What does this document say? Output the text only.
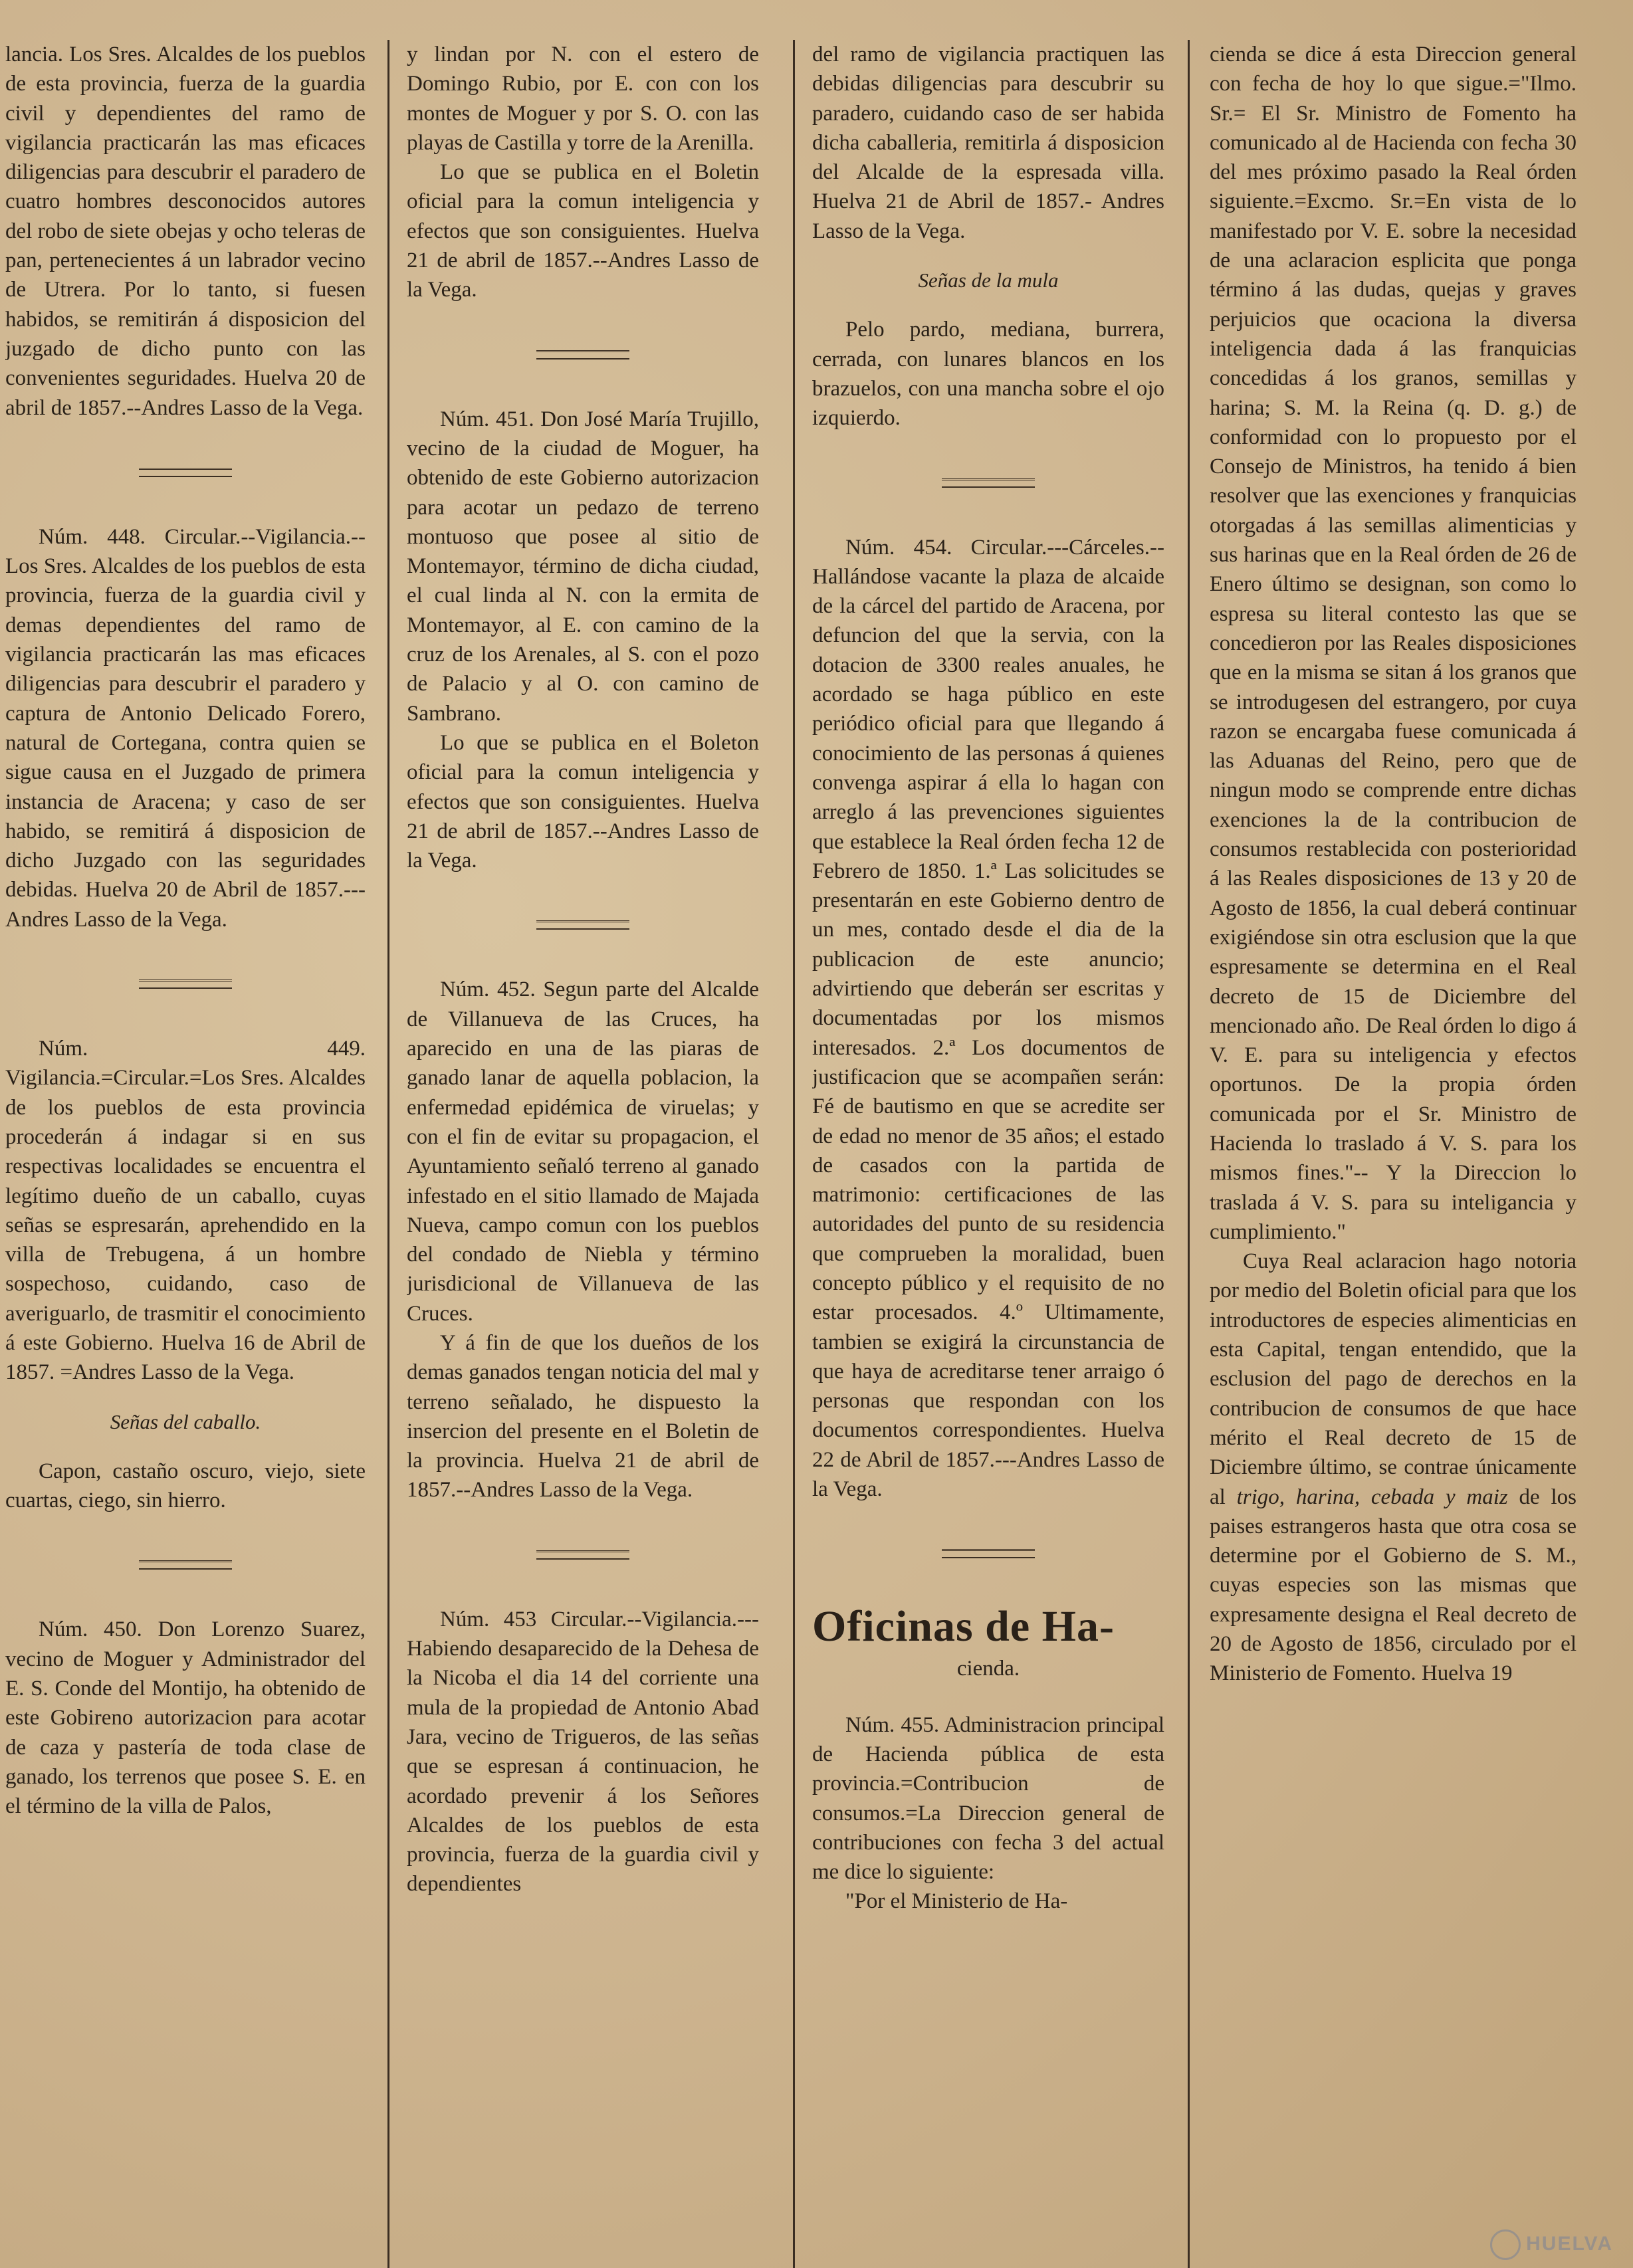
lancia. Los Sres. Alcaldes de los pueblos de esta provincia, fuerza de la guardia civil y dependientes del ramo de vigilancia practicarán las mas eficaces diligencias para descubrir el paradero de cuatro hombres desconocidos autores del robo de siete obejas y ocho teleras de pan, pertenecientes á un labrador vecino de Utrera. Por lo tanto, si fuesen habidos, se remitirán á disposicion del juzgado de dicho punto con las convenientes seguridades. Huelva 20 de abril de 1857.--Andres Lasso de la Vega.

Núm. 448. Circular.--Vigilancia.--Los Sres. Alcaldes de los pueblos de esta provincia, fuerza de la guardia civil y demas dependientes del ramo de vigilancia practicarán las mas eficaces diligencias para descubrir el paradero y captura de Antonio Delicado Forero, natural de Cortegana, contra quien se sigue causa en el Juzgado de primera instancia de Aracena; y caso de ser habido, se remitirá á disposicion de dicho Juzgado con las seguridades debidas. Huelva 20 de Abril de 1857.---Andres Lasso de la Vega.

Núm. 449. Vigilancia.=Circular.=Los Sres. Alcaldes de los pueblos de esta provincia procederán á indagar si en sus respectivas localidades se encuentra el legítimo dueño de un caballo, cuyas señas se espresarán, aprehendido en la villa de Trebugena, á un hombre sospechoso, cuidando, caso de averiguarlo, de trasmitir el conocimiento á este Gobierno. Huelva 16 de Abril de 1857. =Andres Lasso de la Vega.

Señas del caballo.

Capon, castaño oscuro, viejo, siete cuartas, ciego, sin hierro.

Núm. 450. Don Lorenzo Suarez, vecino de Moguer y Administrador del E. S. Conde del Montijo, ha obtenido de este Gobireno autorizacion para acotar de caza y pastería de toda clase de ganado, los terrenos que posee S. E. en el término de la villa de Palos,

y lindan por N. con el estero de Domingo Rubio, por E. con con los montes de Moguer y por S. O. con las playas de Castilla y torre de la Arenilla.

Lo que se publica en el Boletin oficial para la comun inteligencia y efectos que son consiguientes. Huelva 21 de abril de 1857.--Andres Lasso de la Vega.

Núm. 451. Don José María Trujillo, vecino de la ciudad de Moguer, ha obtenido de este Gobierno autorizacion para acotar un pedazo de terreno montuoso que posee al sitio de Montemayor, término de dicha ciudad, el cual linda al N. con la ermita de Montemayor, al E. con camino de la cruz de los Arenales, al S. con el pozo de Palacio y al O. con camino de Sambrano.

Lo que se publica en el Boleton oficial para la comun inteligencia y efectos que son consiguientes. Huelva 21 de abril de 1857.--Andres Lasso de la Vega.

Núm. 452. Segun parte del Alcalde de Villanueva de las Cruces, ha aparecido en una de las piaras de ganado lanar de aquella poblacion, la enfermedad epidémica de viruelas; y con el fin de evitar su propagacion, el Ayuntamiento señaló terreno al ganado infestado en el sitio llamado de Majada Nueva, campo comun con los pueblos del condado de Niebla y término jurisdicional de Villanueva de las Cruces.

Y á fin de que los dueños de los demas ganados tengan noticia del mal y terreno señalado, he dispuesto la insercion del presente en el Boletin de la provincia. Huelva 21 de abril de 1857.--Andres Lasso de la Vega.

Núm. 453 Circular.--Vigilancia.---Habiendo desaparecido de la Dehesa de la Nicoba el dia 14 del corriente una mula de la propiedad de Antonio Abad Jara, vecino de Trigueros, de las señas que se espresan á continuacion, he acordado prevenir á los Señores Alcaldes de los pueblos de esta provincia, fuerza de la guardia civil y dependientes

del ramo de vigilancia practiquen las debidas diligencias para descubrir su paradero, cuidando caso de ser habida dicha caballeria, remitirla á disposicion del Alcalde de la espresada villa. Huelva 21 de Abril de 1857.- Andres Lasso de la Vega.

Señas de la mula

Pelo pardo, mediana, burrera, cerrada, con lunares blancos en los brazuelos, con una mancha sobre el ojo izquierdo.

Núm. 454. Circular.---Cárceles.--Hallándose vacante la plaza de alcaide de la cárcel del partido de Aracena, por defuncion del que la servia, con la dotacion de 3300 reales anuales, he acordado se haga público en este periódico oficial para que llegando á conocimiento de las personas á quienes convenga aspirar á ella lo hagan con arreglo á las prevenciones siguientes que establece la Real órden fecha 12 de Febrero de 1850. 1.ª Las solicitudes se presentarán en este Gobierno dentro de un mes, contado desde el dia de la publicacion de este anuncio; advirtiendo que deberán ser escritas y documentadas por los mismos interesados. 2.ª Los documentos de justificacion que se acompañen serán: Fé de bautismo en que se acredite ser de edad no menor de 35 años; el estado de casados con la partida de matrimonio: certificaciones de las autoridades del punto de su residencia que comprueben la moralidad, buen concepto público y el requisito de no estar procesados. 4.º Ultimamente, tambien se exigirá la circunstancia de que haya de acreditarse tener arraigo ó personas que respondan con los documentos correspondientes. Huelva 22 de Abril de 1857.---Andres Lasso de la Vega.

Oficinas de Ha-
cienda.

Núm. 455. Administracion principal de Hacienda pública de esta provincia.=Contribucion de consumos.=La Direccion general de contribuciones con fecha 3 del actual me dice lo siguiente:

"Por el Ministerio de Ha-

cienda se dice á esta Direccion general con fecha de hoy lo que sigue.="Ilmo. Sr.= El Sr. Ministro de Fomento ha comunicado al de Hacienda con fecha 30 del mes próximo pasado la Real órden siguiente.=Excmo. Sr.=En vista de lo manifestado por V. E. sobre la necesidad de una aclaracion esplicita que ponga término á las dudas, quejas y graves perjuicios que ocaciona la diversa inteligencia dada á las franquicias concedidas á los granos, semillas y harina; S. M. la Reina (q. D. g.) de conformidad con lo propuesto por el Consejo de Ministros, ha tenido á bien resolver que las exenciones y franquicias otorgadas á las semillas alimenticias y sus harinas que en la Real órden de 26 de Enero último se designan, son como lo espresa su literal contesto las que se concedieron por las Reales disposiciones que en la misma se sitan á los granos que se introdugesen del estrangero, por cuya razon se encargaba fuese comunicada á las Aduanas del Reino, pero que de ningun modo se comprende entre dichas exenciones la de la contribucion de consumos restablecida con posterioridad á las Reales disposiciones de 13 y 20 de Agosto de 1856, la cual deberá continuar exigiéndose sin otra esclusion que la que espresamente se determina en el Real decreto de 15 de Diciembre del mencionado año. De Real órden lo digo á V. E. para su inteligencia y efectos oportunos. De la propia órden comunicada por el Sr. Ministro de Hacienda lo traslado á V. S. para los mismos fines."-- Y la Direccion lo traslada á V. S. para su inteligancia y cumplimiento."

Cuya Real aclaracion hago notoria por medio del Boletin oficial para que los introductores de especies alimenticias en esta Capital, tengan entendido, que la esclusion del pago de derechos en la contribucion de consumos de que hace mérito el Real decreto de 15 de Diciembre último, se contrae únicamente al trigo, harina, cebada y maiz de los paises estrangeros hasta que otra cosa se determine por el Gobierno de S. M., cuyas especies son las mismas que expresamente designa el Real decreto de 20 de Agosto de 1856, circulado por el Ministerio de Fomento. Huelva 19

HUELVA
